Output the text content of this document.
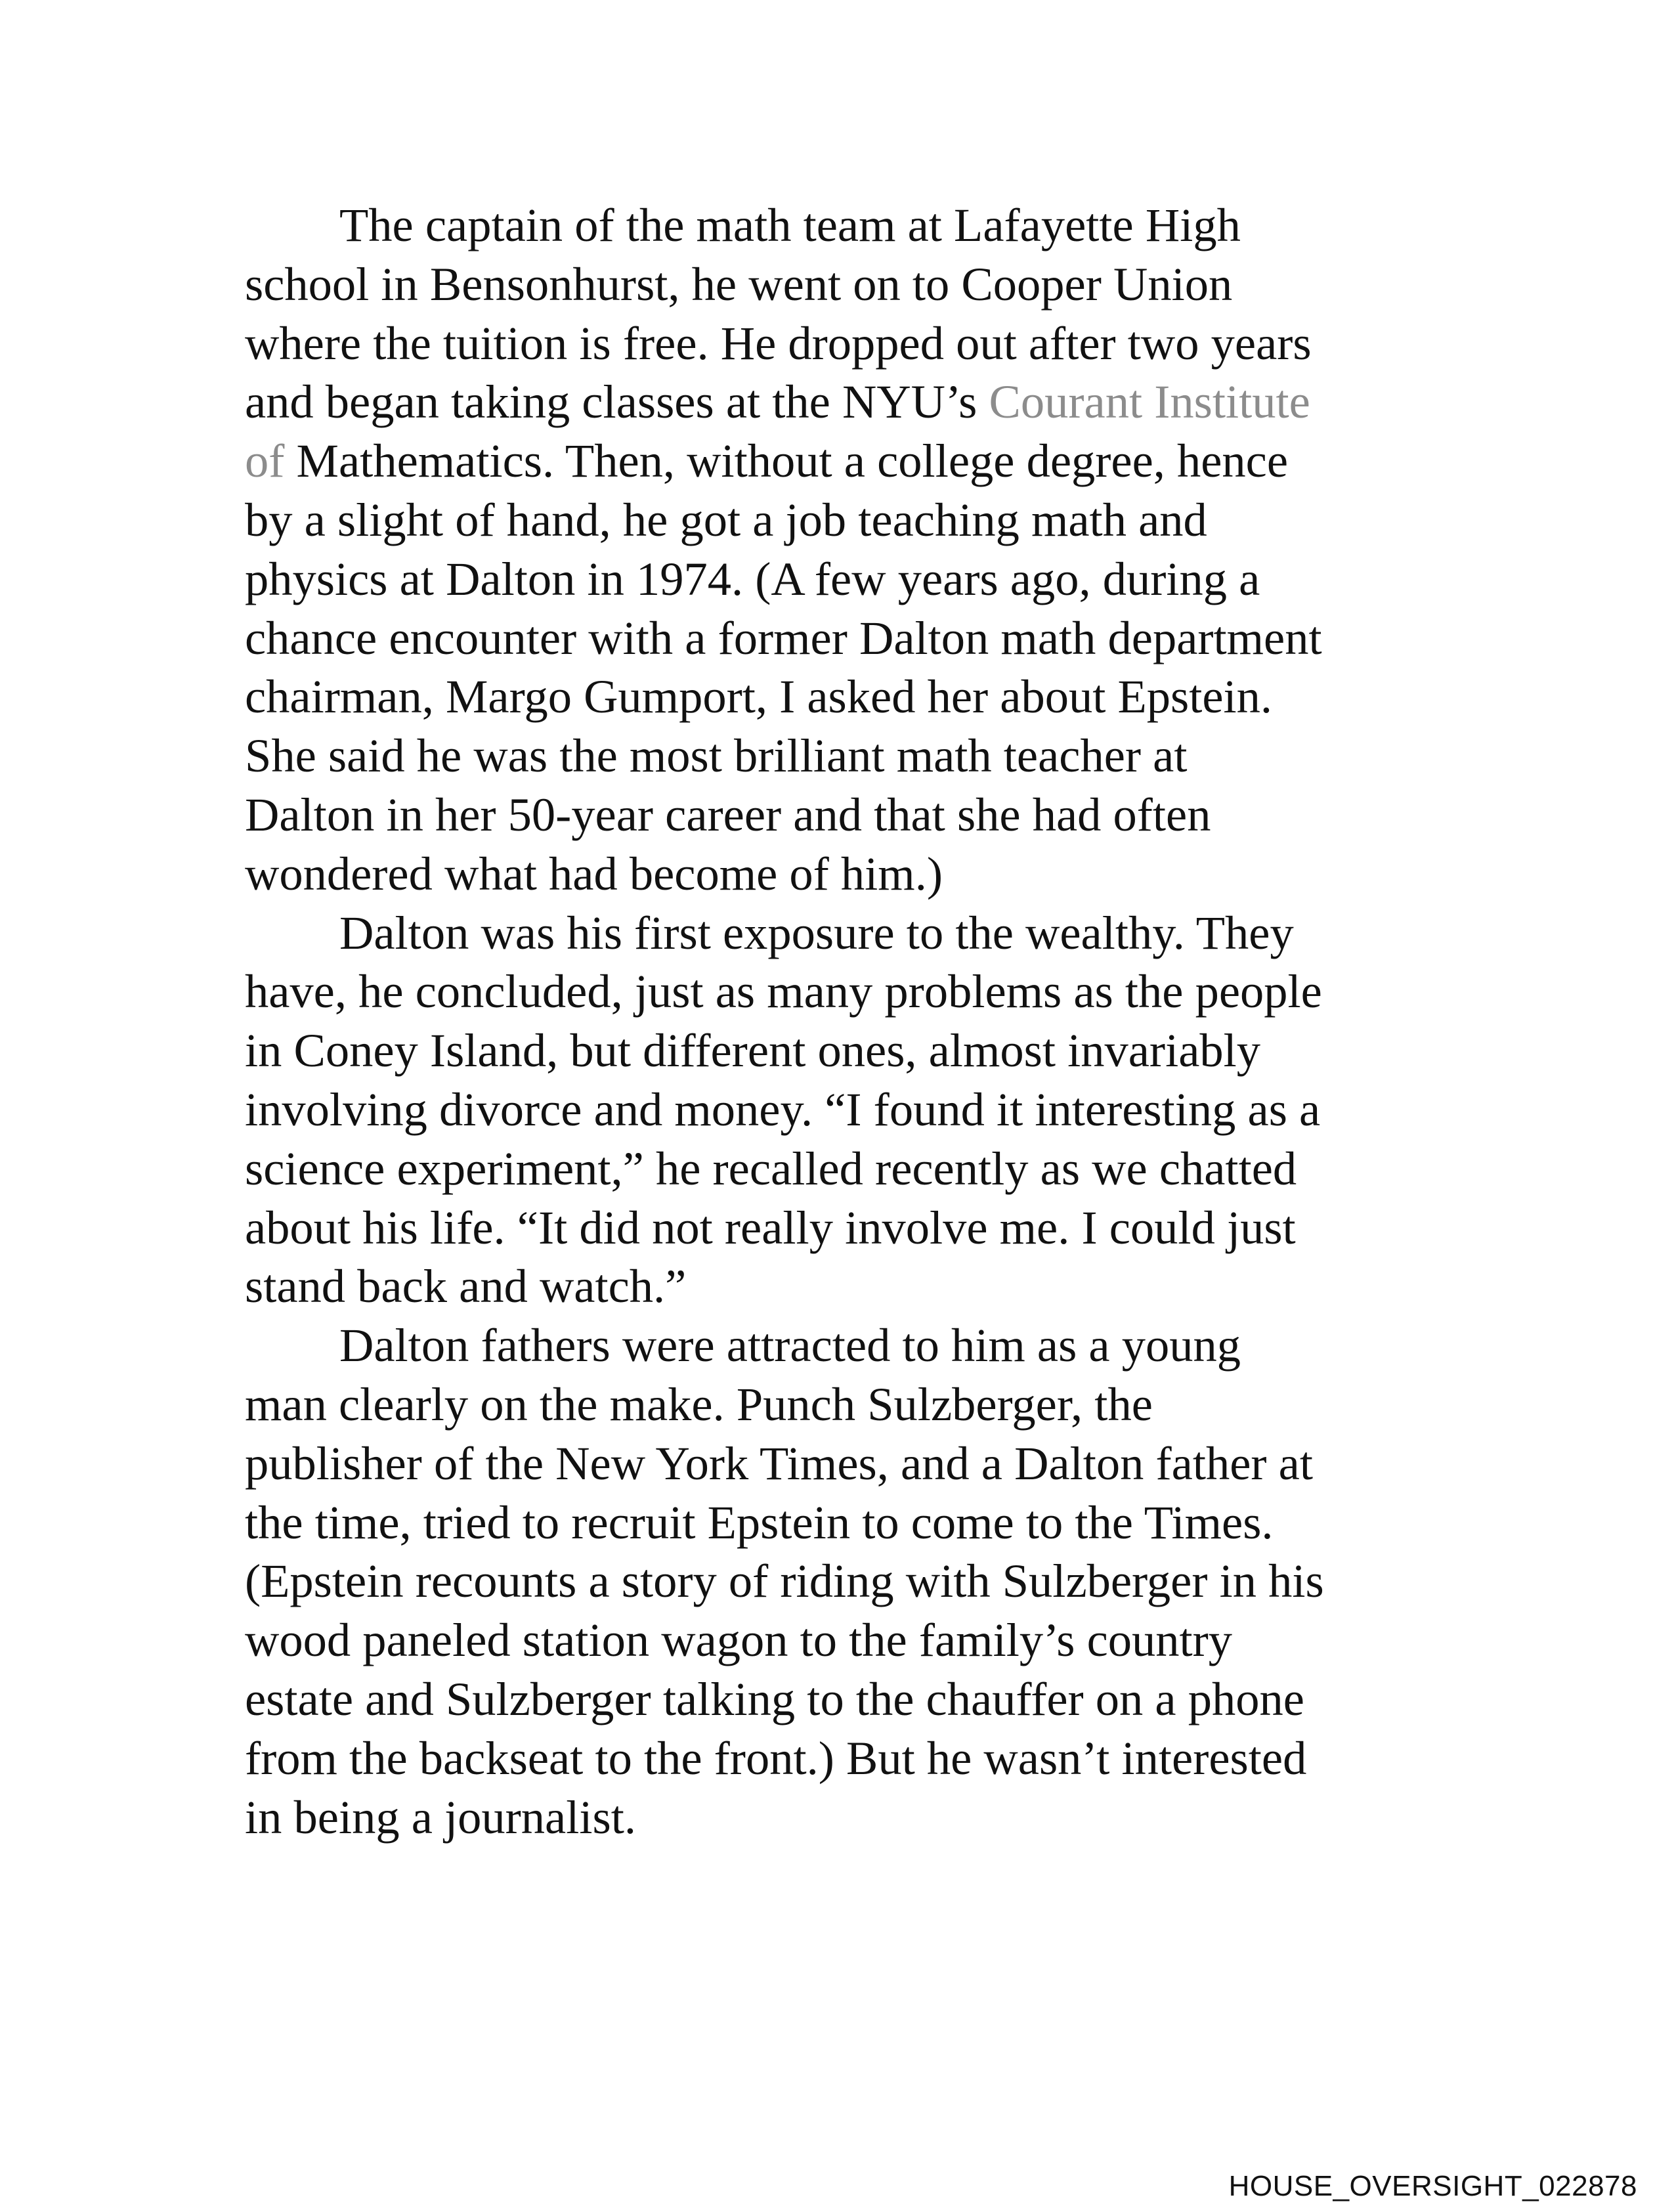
The captain of the math team at Lafayette High
school in Bensonhurst, he went on to Cooper Union
where the tuition is free. He dropped out after two years
and began taking classes at the NYU’s Courant Institute
of Mathematics. Then, without a college degree, hence
by a slight of hand, he got a job teaching math and
physics at Dalton in 1974. (A few years ago, during a
chance encounter with a former Dalton math department
chairman, Margo Gumport, I asked her about Epstein.
She said he was the most brilliant math teacher at
Dalton in her 50-year career and that she had often
wondered what had become of him.)
Dalton was his first exposure to the wealthy. They
have, he concluded, just as many problems as the people
in Coney Island, but different ones, almost invariably
involving divorce and money. “I found it interesting as a
science experiment,” he recalled recently as we chatted
about his life. “It did not really involve me. I could just
stand back and watch.”
Dalton fathers were attracted to him as a young
man clearly on the make. Punch Sulzberger, the
publisher of the New York Times, and a Dalton father at
the time, tried to recruit Epstein to come to the Times.
(Epstein recounts a story of riding with Sulzberger in his
wood paneled station wagon to the family’s country
estate and Sulzberger talking to the chauffer on a phone
from the backseat to the front.) But he wasn’t interested
in being a journalist.
HOUSE_OVERSIGHT_022878
